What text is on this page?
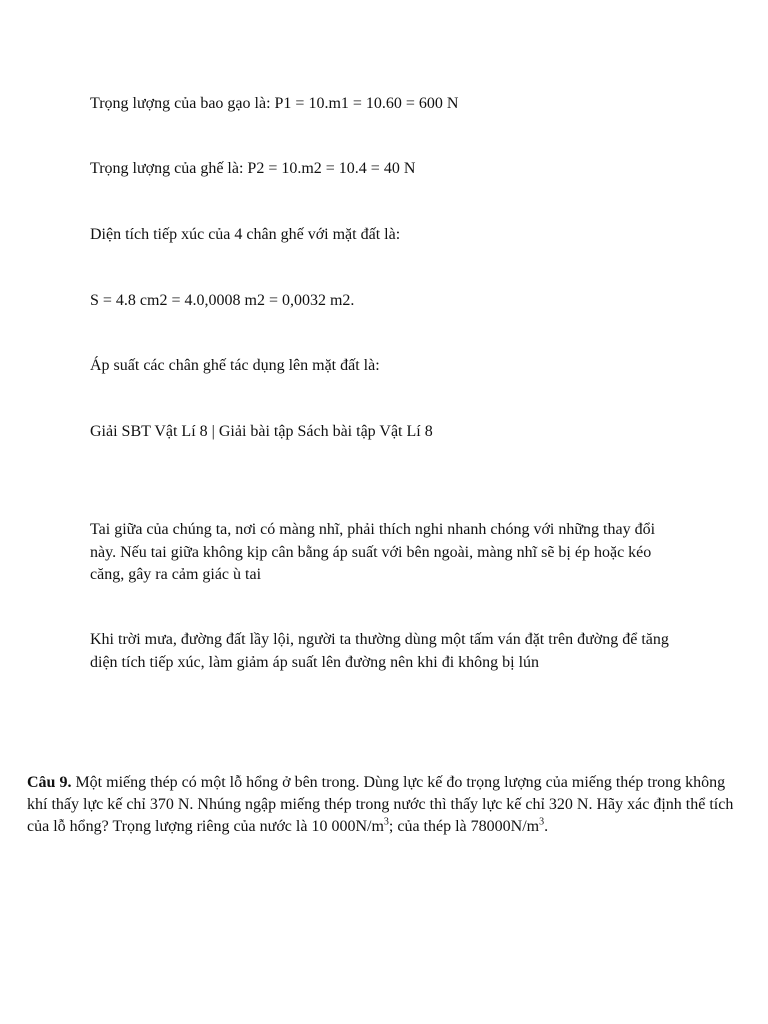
Trọng lượng của bao gạo là: P1 = 10.m1 = 10.60 = 600 N

Trọng lượng của ghế là: P2 = 10.m2 = 10.4 = 40 N

Diện tích tiếp xúc của 4 chân ghế với mặt đất là:

S = 4.8 cm2 = 4.0,0008 m2 = 0,0032 m2.

Áp suất các chân ghế tác dụng lên mặt đất là:

Giải SBT Vật Lí 8 | Giải bài tập Sách bài tập Vật Lí 8

Tai giữa của chúng ta, nơi có màng nhĩ, phải thích nghi nhanh chóng với những thay đổi này. Nếu tai giữa không kịp cân bằng áp suất với bên ngoài, màng nhĩ sẽ bị ép hoặc kéo căng, gây ra cảm giác ù tai

Khi trời mưa, đường đất lầy lội, người ta thường dùng một tấm ván đặt trên đường để tăng diện tích tiếp xúc, làm giảm áp suất lên đường nên khi đi không bị lún

Câu 9. Một miếng thép có một lỗ hổng ở bên trong. Dùng lực kế đo trọng lượng của miếng thép trong không khí thấy lực kế chỉ 370 N. Nhúng ngập miếng thép trong nước thì thấy lực kế chỉ 320 N. Hãy xác định thể tích của lỗ hổng? Trọng lượng riêng của nước là 10 $000N/m^3$; của thép là $78000N/m^3$.
